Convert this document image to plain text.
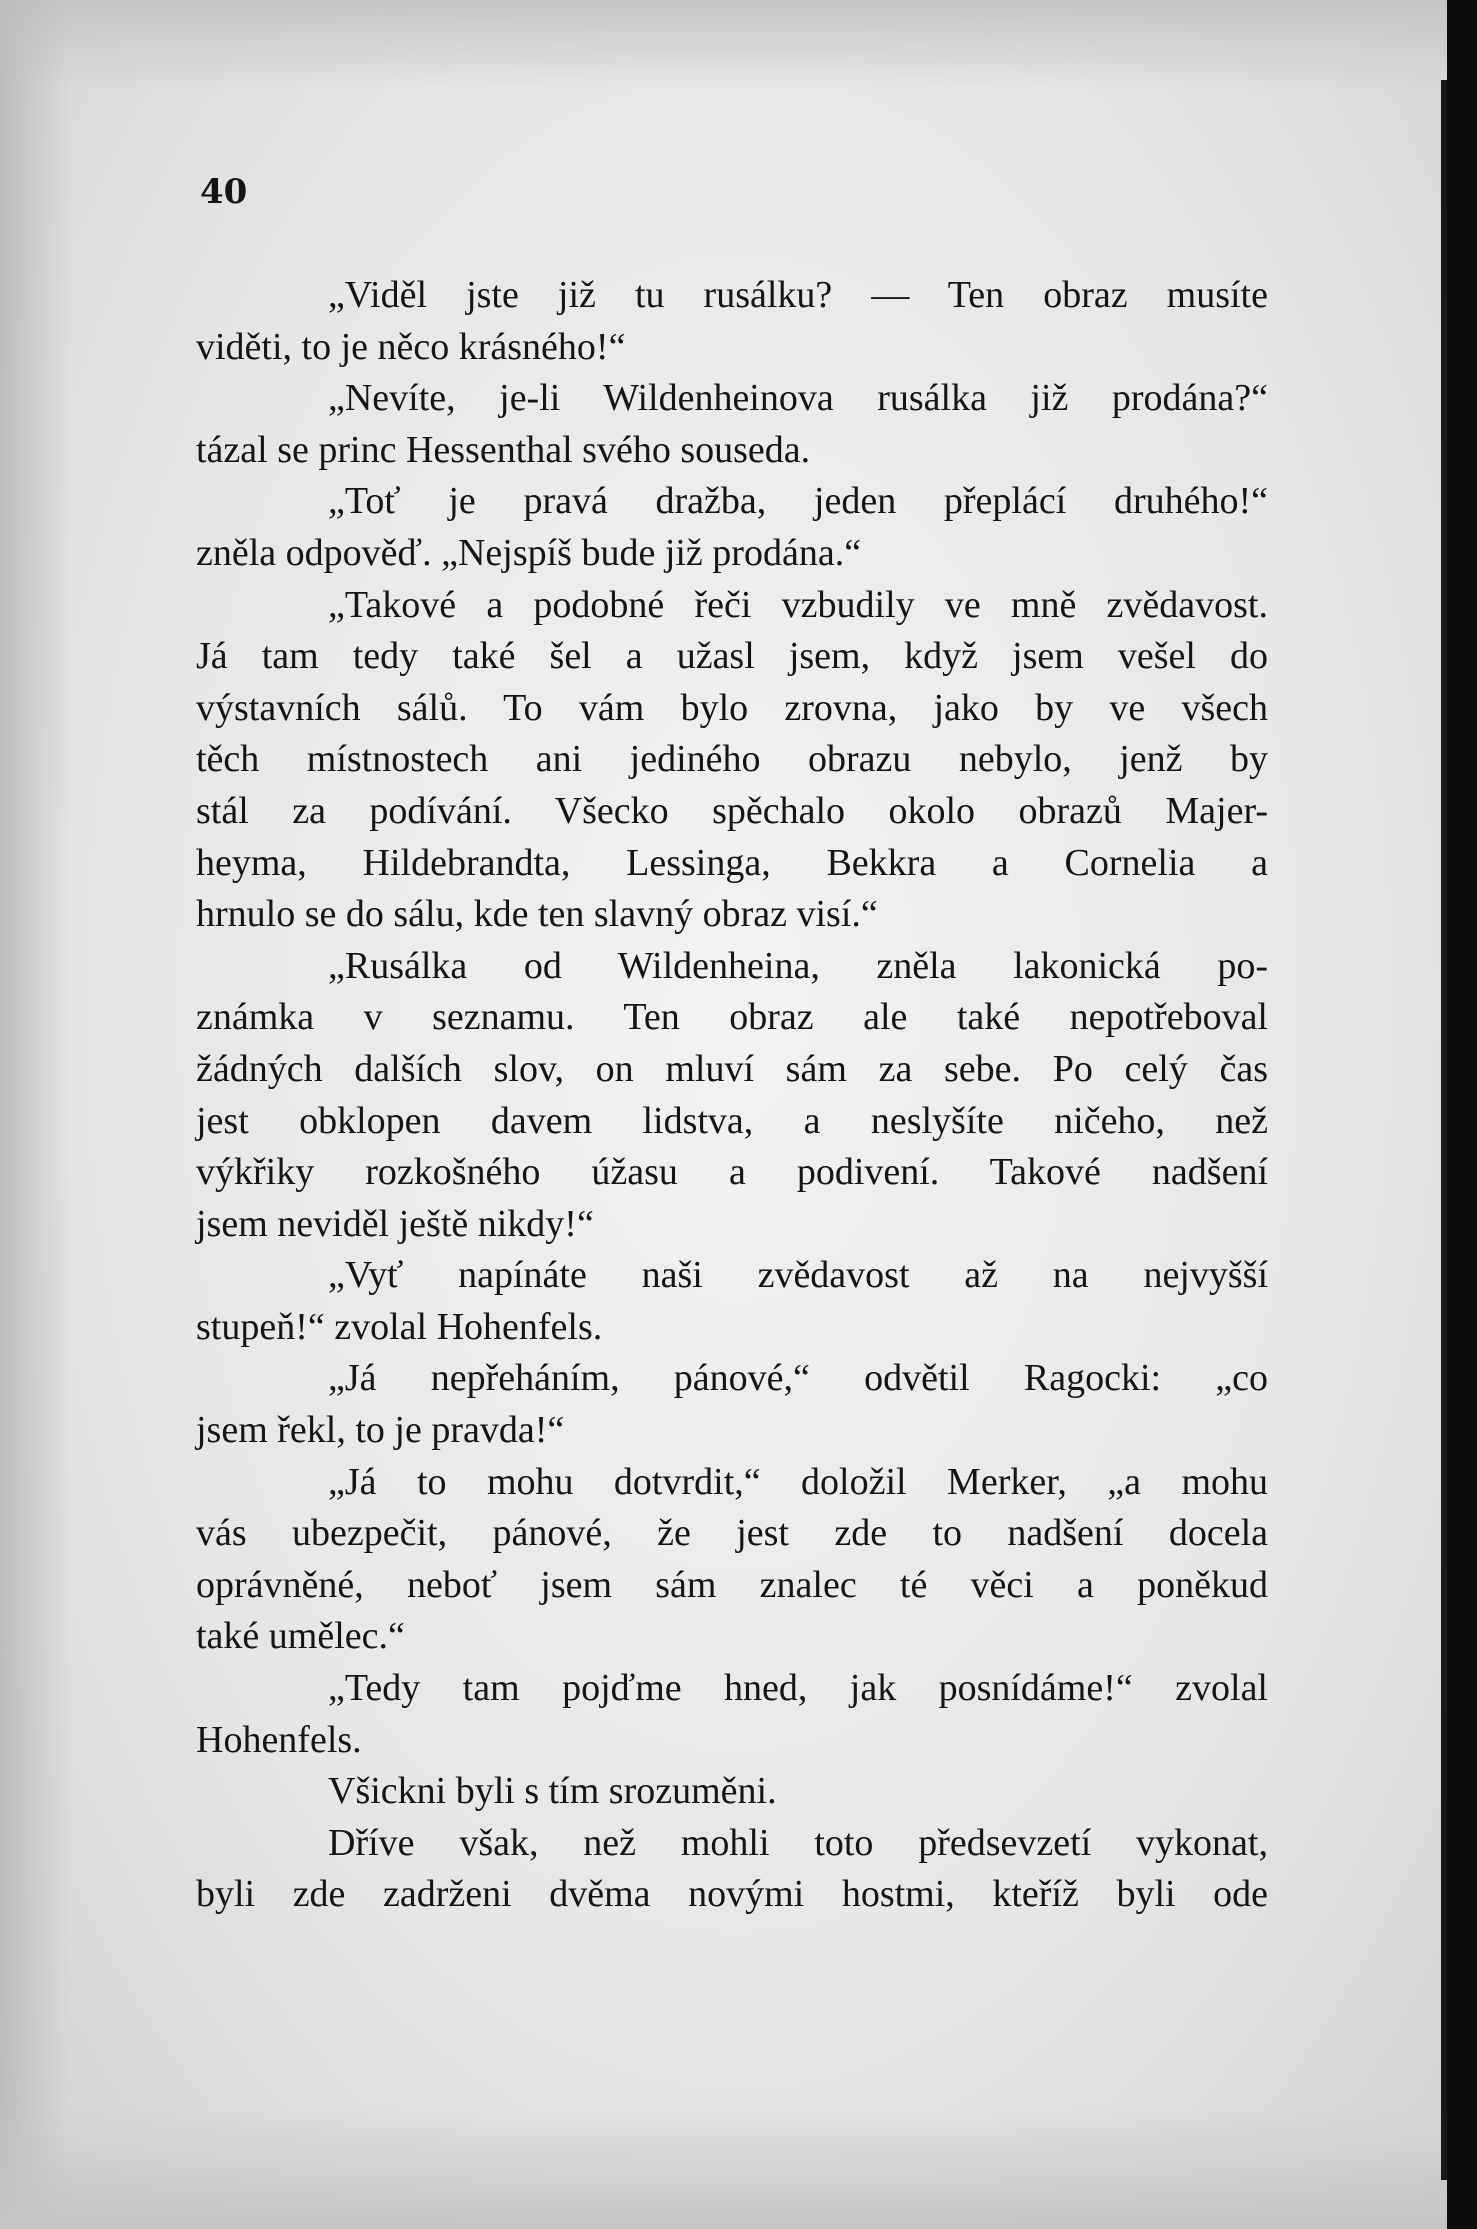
40
„Viděl jste již tu rusálku? — Ten obraz musíte
viděti, to je něco krásného!“
„Nevíte, je-li Wildenheinova rusálka již prodána?“
tázal se princ Hessenthal svého souseda.
„Toť je pravá dražba, jeden přeplácí druhého!“
zněla odpověď. „Nejspíš bude již prodána.“
„Takové a podobné řeči vzbudily ve mně zvědavost.
Já tam tedy také šel a užasl jsem, když jsem vešel do
výstavních sálů. To vám bylo zrovna, jako by ve všech
těch místnostech ani jediného obrazu nebylo, jenž by
stál za podívání. Všecko spěchalo okolo obrazů Majer-
heyma, Hildebrandta, Lessinga, Bekkra a Cornelia a
hrnulo se do sálu, kde ten slavný obraz visí.“
„Rusálka od Wildenheina, zněla lakonická po-
známka v seznamu. Ten obraz ale také nepotřeboval
žádných dalších slov, on mluví sám za sebe. Po celý čas
jest obklopen davem lidstva, a neslyšíte ničeho, než
výkřiky rozkošného úžasu a podivení. Takové nadšení
jsem neviděl ještě nikdy!“
„Vyť napínáte naši zvědavost až na nejvyšší
stupeň!“ zvolal Hohenfels.
„Já nepřeháním, pánové,“ odvětil Ragocki: „co
jsem řekl, to je pravda!“
„Já to mohu dotvrdit,“ doložil Merker, „a mohu
vás ubezpečit, pánové, že jest zde to nadšení docela
oprávněné, neboť jsem sám znalec té věci a poněkud
také umělec.“
„Tedy tam pojďme hned, jak posnídáme!“ zvolal
Hohenfels.
Všickni byli s tím srozuměni.
Dříve však, než mohli toto předsevzetí vykonat,
byli zde zadrženi dvěma novými hostmi, kteříž byli ode
